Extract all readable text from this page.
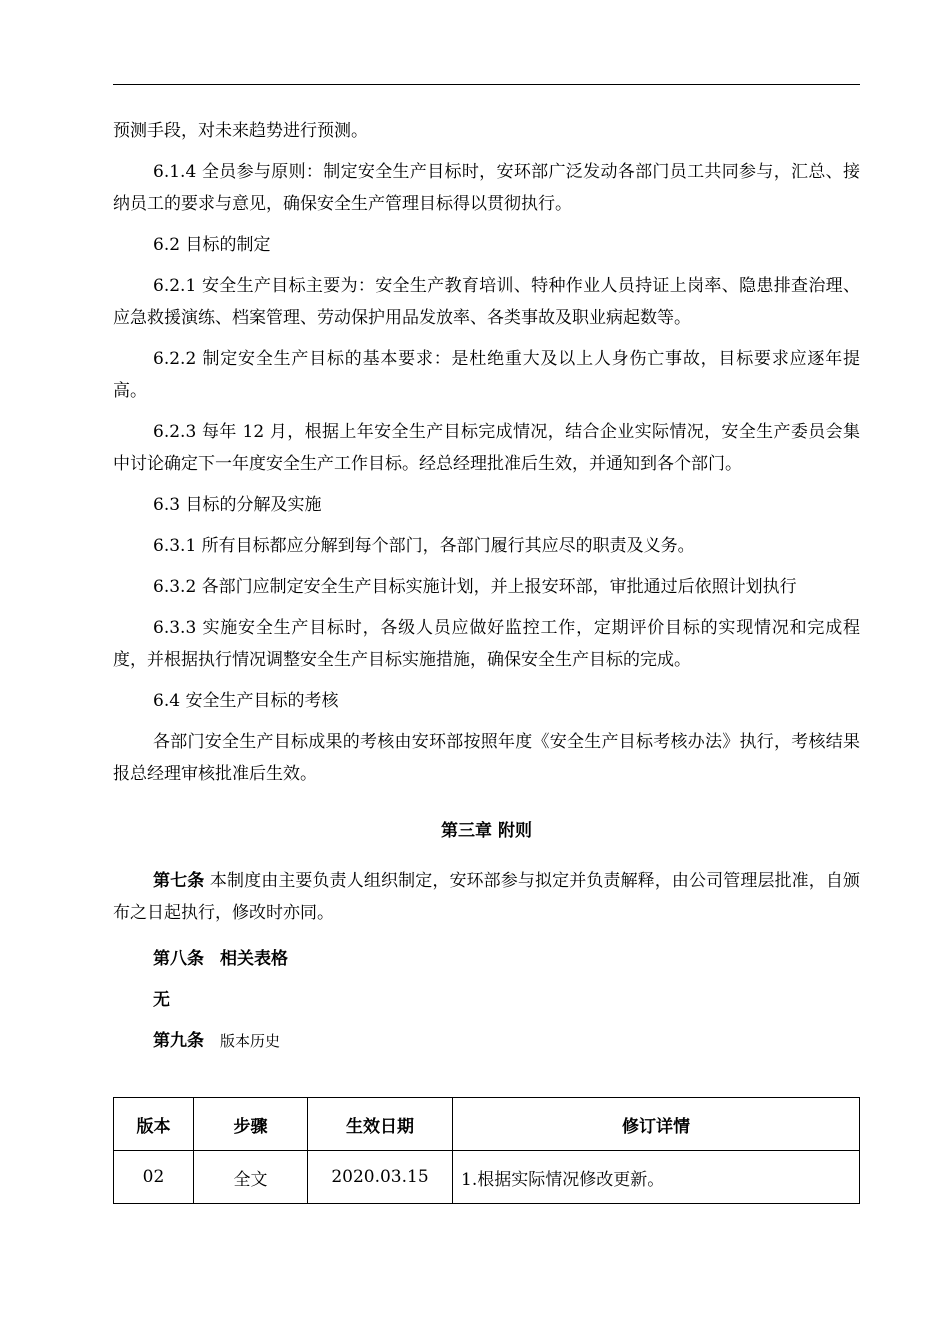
预测手段，对未来趋势进行预测。

6.1.4 全员参与原则：制定安全生产目标时，安环部广泛发动各部门员工共同参与，汇总、接纳员工的要求与意见，确保安全生产管理目标得以贯彻执行。

6.2 目标的制定

6.2.1 安全生产目标主要为：安全生产教育培训、特种作业人员持证上岗率、隐患排查治理、应急救援演练、档案管理、劳动保护用品发放率、各类事故及职业病起数等。

6.2.2 制定安全生产目标的基本要求：是杜绝重大及以上人身伤亡事故，目标要求应逐年提高。

6.2.3 每年 12 月，根据上年安全生产目标完成情况，结合企业实际情况，安全生产委员会集中讨论确定下一年度安全生产工作目标。经总经理批准后生效，并通知到各个部门。

6.3 目标的分解及实施

6.3.1 所有目标都应分解到每个部门，各部门履行其应尽的职责及义务。

6.3.2 各部门应制定安全生产目标实施计划，并上报安环部，审批通过后依照计划执行

6.3.3 实施安全生产目标时，各级人员应做好监控工作，定期评价目标的实现情况和完成程度，并根据执行情况调整安全生产目标实施措施，确保安全生产目标的完成。

6.4 安全生产目标的考核

各部门安全生产目标成果的考核由安环部按照年度《安全生产目标考核办法》执行，考核结果报总经理审核批准后生效。

第三章 附则

第七条 本制度由主要负责人组织制定，安环部参与拟定并负责解释，由公司管理层批准，自颁布之日起执行，修改时亦同。

第八条 相关表格

无

第九条 版本历史

版本	步骤	生效日期	修订详情
02	全文	2020.03.15	1.根据实际情况修改更新。
